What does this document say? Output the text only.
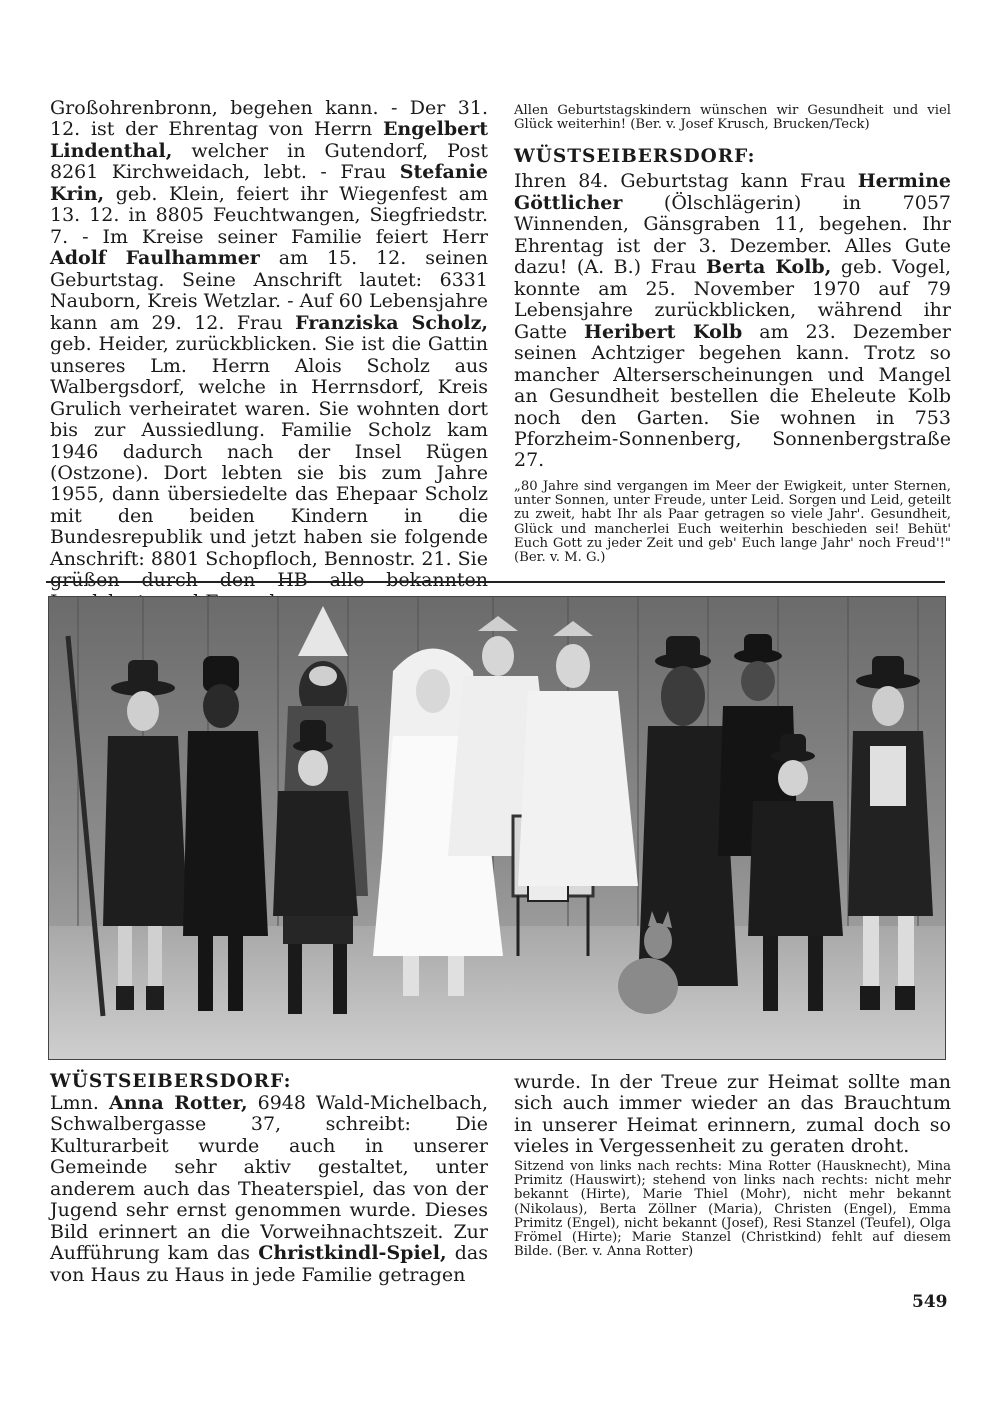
Großohrenbronn, begehen kann. - Der 31. 12. ist der Ehrentag von Herrn Engelbert Lindenthal, welcher in Gutendorf, Post 8261 Kirchweidach, lebt. - Frau Stefanie Krin, geb. Klein, feiert ihr Wiegenfest am 13. 12. in 8805 Feuchtwangen, Siegfriedstr. 7. - Im Kreise seiner Familie feiert Herr Adolf Faulhammer am 15. 12. seinen Geburtstag. Seine Anschrift lautet: 6331 Nauborn, Kreis Wetzlar. - Auf 60 Lebensjahre kann am 29. 12. Frau Franziska Scholz, geb. Heider, zurückblicken. Sie ist die Gattin unseres Lm. Herrn Alois Scholz aus Walbergsdorf, welche in Herrnsdorf, Kreis Grulich verheiratet waren. Sie wohnten dort bis zur Aussiedlung. Familie Scholz kam 1946 dadurch nach der Insel Rügen (Ostzone). Dort lebten sie bis zum Jahre 1955, dann übersiedelte das Ehepaar Scholz mit den beiden Kindern in die Bundesrepublik und jetzt haben sie folgende Anschrift: 8801 Schopfloch, Bennostr. 21. Sie grüßen durch den HB alle bekannten

Allen Geburtstagskindern wünschen wir Gesundheit und viel Glück weiterhin! (Ber. v. Josef Krusch, Brucken/Teck)

WÜSTSEIBERSDORF:

Ihren 84. Geburtstag kann Frau Hermine Göttlicher (Ölschlägerin) in 7057 Winnenden, Gänsgraben 11, begehen. Ihr Ehrentag ist der 3. Dezember. Alles Gute dazu! (A. B.) Frau Berta Kolb, geb. Vogel, konnte am 25. November 1970 auf 79 Lebensjahre zurückblicken, während ihr Gatte Heribert Kolb am 23. Dezember seinen Achtziger begehen kann. Trotz so mancher Alterserscheinungen und Mangel an Gesundheit bestellen die Eheleute Kolb noch den Garten. Sie wohnen in 753 Pforzheim-Sonnenberg, Sonnenbergstraße 27.

„80 Jahre sind vergangen im Meer der Ewigkeit, unter Sternen, unter Sonnen, unter Freude, unter Leid. Sorgen und Leid, geteilt zu zweit, habt Ihr als Paar getragen so viele Jahr'. Gesundheit, Glück und mancherlei Euch weiterhin beschieden sei! Behüt' Euch Gott zu jeder Zeit und geb' Euch lange Jahr' noch Freud'!" (Ber. v. M. G.)

WÜSTSEIBERSDORF:

Lmn. Anna Rotter, 6948 Wald-Michelbach, Schwalbergasse 37, schreibt: Die Kulturarbeit wurde auch in unserer Gemeinde sehr aktiv gestaltet, unter anderem auch das Theaterspiel, das von der Jugend sehr ernst genommen wurde. Dieses Bild erinnert an die Vorweihnachtszeit. Zur Aufführung kam das Christkindl-Spiel, das von Haus zu Haus in jede Familie getragen

wurde. In der Treue zur Heimat sollte man sich auch immer wieder an das Brauchtum in unserer Heimat erinnern, zumal doch so vieles in Vergessenheit zu geraten droht.

Sitzend von links nach rechts: Mina Rotter (Hausknecht), Mina Primitz (Hauswirt); stehend von links nach rechts: nicht mehr bekannt (Hirte), Marie Thiel (Mohr), nicht mehr bekannt (Nikolaus), Berta Zöllner (Maria), Christen (Engel), Emma Primitz (Engel), nicht bekannt (Josef), Resi Stanzel (Teufel), Olga Frömel (Hirte); Marie Stanzel (Christkind) fehlt auf diesem Bilde. (Ber. v. Anna Rotter)

549
